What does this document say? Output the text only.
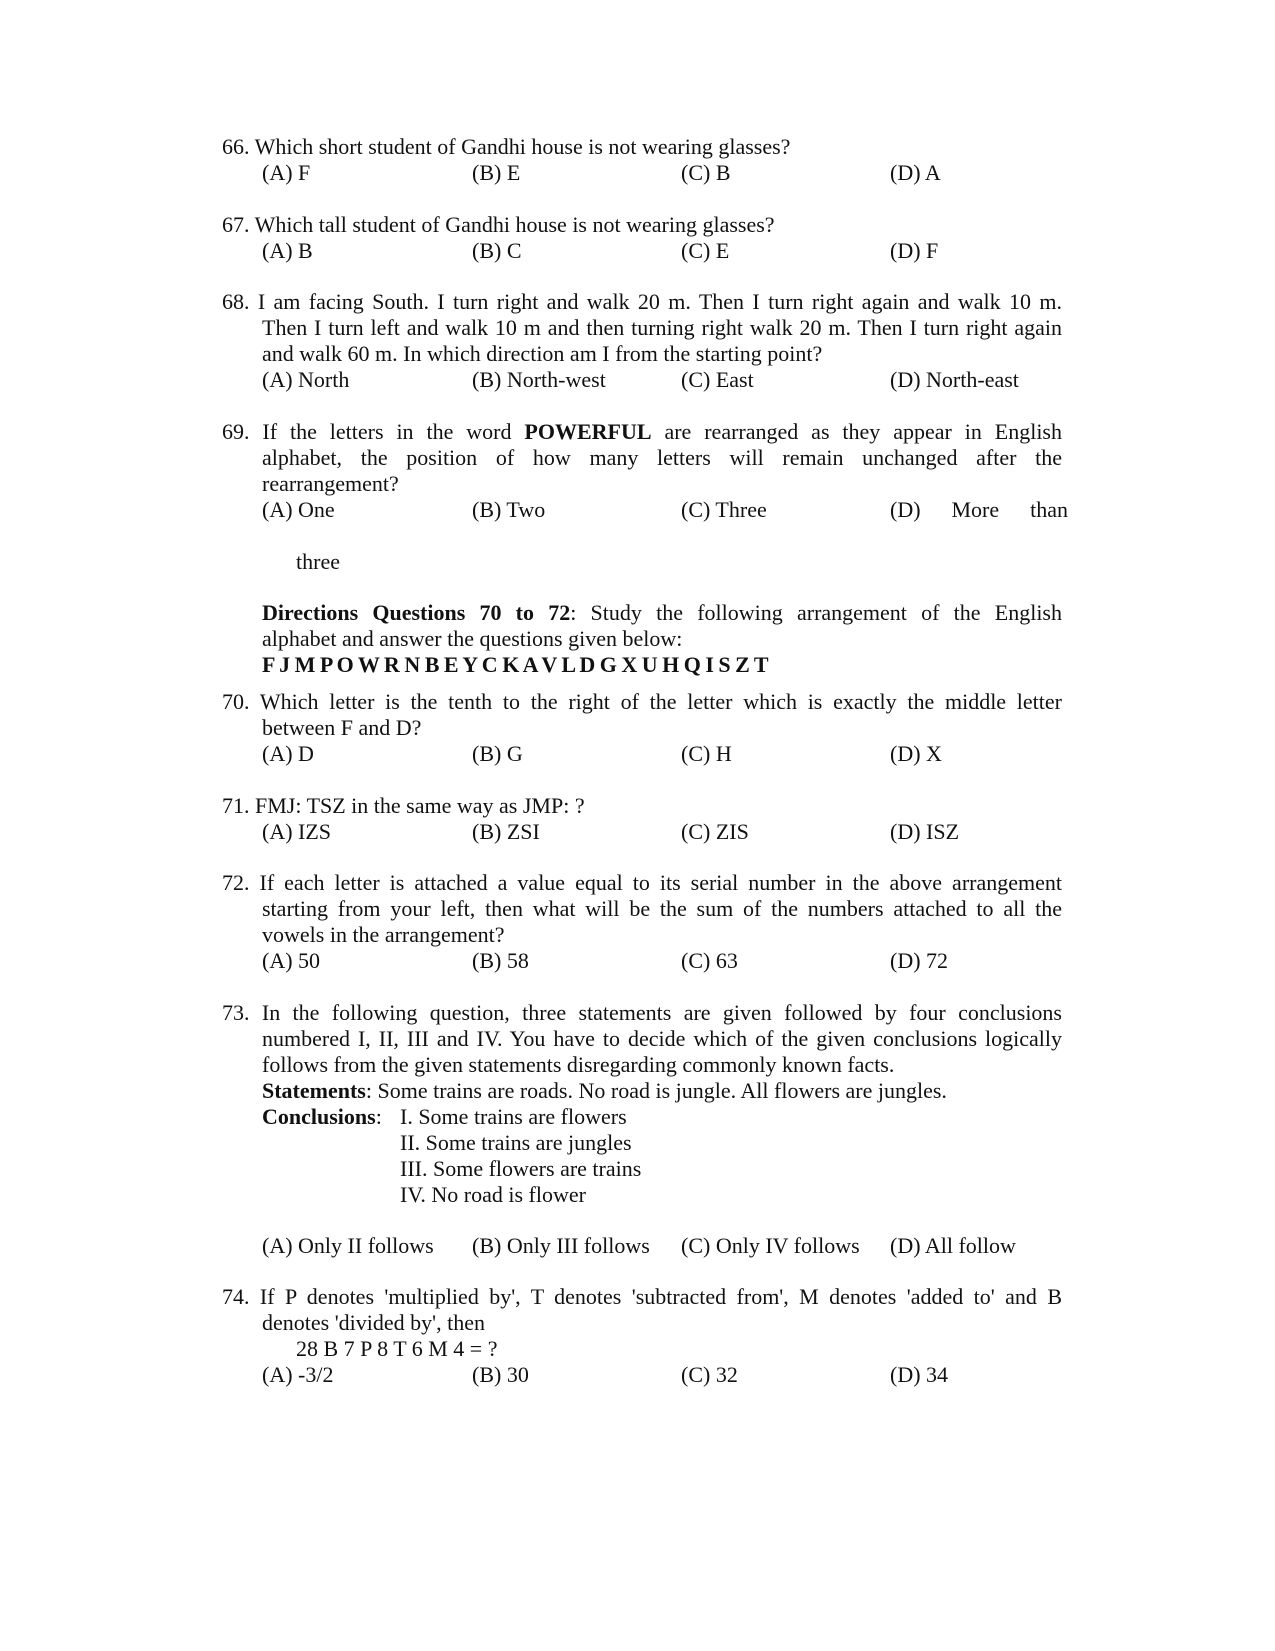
66. Which short student of Gandhi house is not wearing glasses?
(A) F	(B) E	(C) B	(D) A
67. Which tall student of Gandhi house is not wearing glasses?
(A) B	(B) C	(C) E	(D) F
68. I am facing South. I turn right and walk 20 m. Then I turn right again and walk 10 m.
Then I turn left and walk 10 m and then turning right walk 20 m. Then I turn right again
and walk 60 m. In which direction am I from the starting point?
(A) North	(B) North-west	(C) East	(D) North-east
69. If the letters in the word POWERFUL are rearranged as they appear in English
alphabet, the position of how many letters will remain unchanged after the
rearrangement?
(A) One	(B) Two	(C) Three	(D) More than
three
Directions Questions 70 to 72: Study the following arrangement of the English
alphabet and answer the questions given below:
F J M P O W R N B E Y C K A V L D G X U H Q I S Z T
70. Which letter is the tenth to the right of the letter which is exactly the middle letter
between F and D?
(A) D	(B) G	(C) H	(D) X
71. FMJ: TSZ in the same way as JMP: ?
(A) IZS	(B) ZSI	(C) ZIS	(D) ISZ
72. If each letter is attached a value equal to its serial number in the above arrangement
starting from your left, then what will be the sum of the numbers attached to all the
vowels in the arrangement?
(A) 50	(B) 58	(C) 63	(D) 72
73. In the following question, three statements are given followed by four conclusions
numbered I, II, III and IV. You have to decide which of the given conclusions logically
follows from the given statements disregarding commonly known facts.
Statements: Some trains are roads. No road is jungle. All flowers are jungles.
Conclusions: I. Some trains are flowers
II. Some trains are jungles
III. Some flowers are trains
IV. No road is flower
(A) Only II follows (B) Only III follows (C) Only IV follows (D) All follow
74. If P denotes 'multiplied by', T denotes 'subtracted from', M denotes 'added to' and B
denotes 'divided by', then
28 B 7 P 8 T 6 M 4 = ?
(A) -3/2	(B) 30	(C) 32	(D) 34
